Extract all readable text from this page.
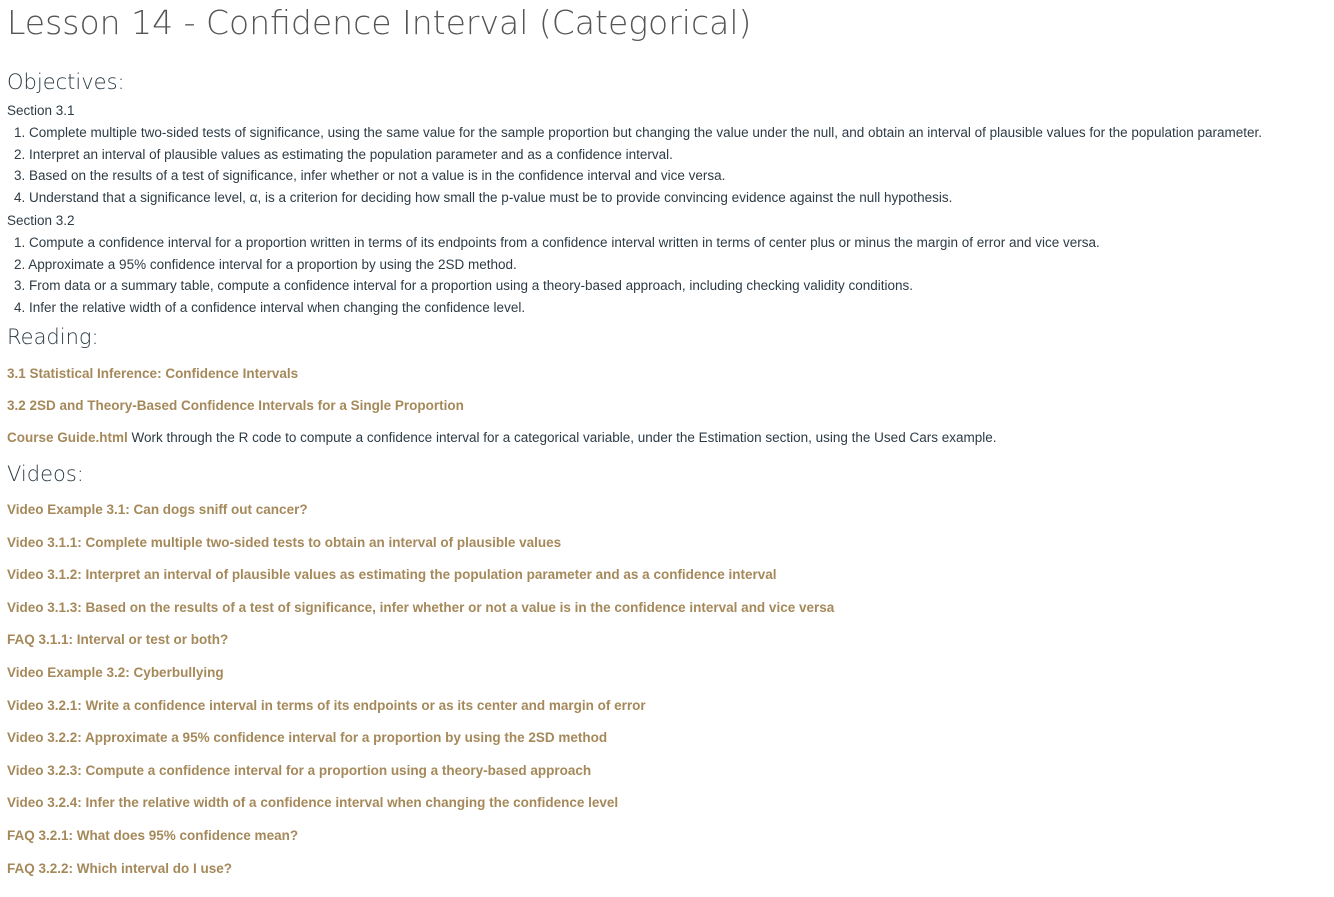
Lesson 14 - Confidence Interval (Categorical)
Objectives:

Section 3.1

1. Complete multiple two-sided tests of significance, using the same value for the sample proportion but changing the value under the null, and obtain an interval of plausible values for the population parameter.
2. Interpret an interval of plausible values as estimating the population parameter and as a confidence interval.
3. Based on the results of a test of significance, infer whether or not a value is in the confidence interval and vice versa.
4. Understand that a significance level, α, is a criterion for deciding how small the p-value must be to provide convincing evidence against the null hypothesis.

Section 3.2

1. Compute a confidence interval for a proportion written in terms of its endpoints from a confidence interval written in terms of center plus or minus the margin of error and vice versa.
2. Approximate a 95% confidence interval for a proportion by using the 2SD method.
3. From data or a summary table, compute a confidence interval for a proportion using a theory-based approach, including checking validity conditions.
4. Infer the relative width of a confidence interval when changing the confidence level.
Reading:

3.1 Statistical Inference: Confidence Intervals

3.2 2SD and Theory-Based Confidence Intervals for a Single Proportion

Course Guide.html Work through the R code to compute a confidence interval for a categorical variable, under the Estimation section, using the Used Cars example.

Videos:

Video Example 3.1: Can dogs sniff out cancer?

Video 3.1.1: Complete multiple two-sided tests to obtain an interval of plausible values

Video 3.1.2: Interpret an interval of plausible values as estimating the population parameter and as a confidence interval

Video 3.1.3: Based on the results of a test of significance, infer whether or not a value is in the confidence interval and vice versa

FAQ 3.1.1: Interval or test or both?

Video Example 3.2: Cyberbullying

Video 3.2.1: Write a confidence interval in terms of its endpoints or as its center and margin of error

Video 3.2.2: Approximate a 95% confidence interval for a proportion by using the 2SD method

Video 3.2.3: Compute a confidence interval for a proportion using a theory-based approach

Video 3.2.4: Infer the relative width of a confidence interval when changing the confidence level

FAQ 3.2.1: What does 95% confidence mean?

FAQ 3.2.2: Which interval do I use?
